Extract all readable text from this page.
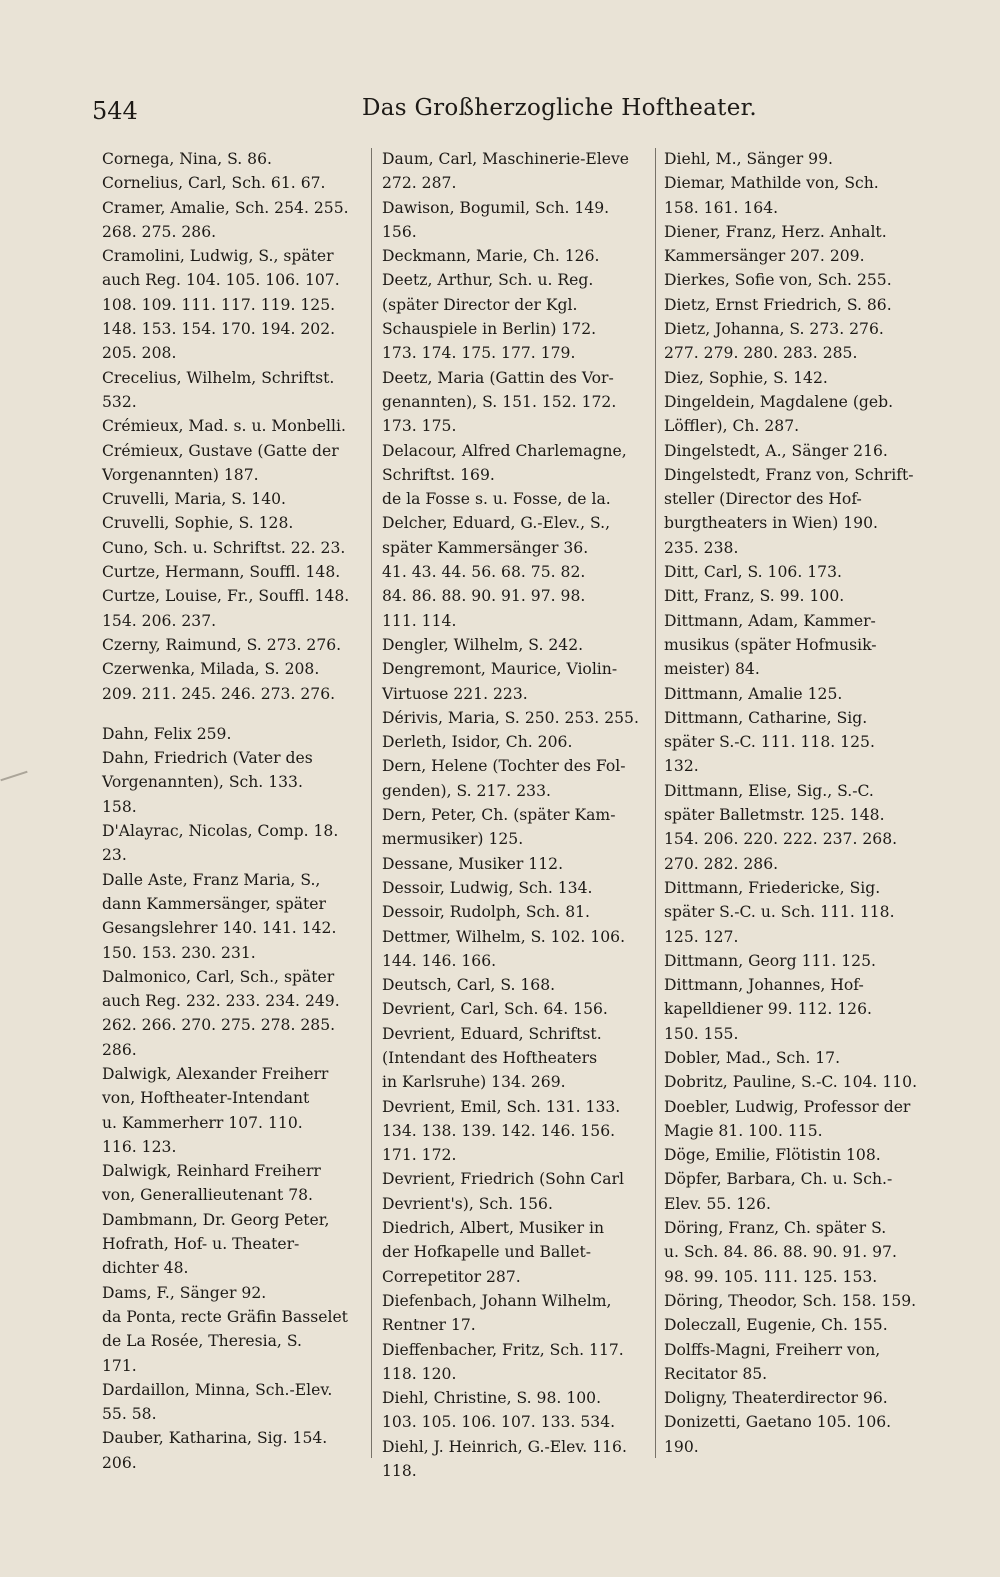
544	Das Großherzogliche Hoftheater.
Cornega, Nina, S. 86.
Cornelius, Carl, Sch. 61. 67.
Cramer, Amalie, Sch. 254. 255.
268. 275. 286.
Cramolini, Ludwig, S., später
auch Reg. 104. 105. 106. 107.
108. 109. 111. 117. 119. 125.
148. 153. 154. 170. 194. 202.
205. 208.
Crecelius, Wilhelm, Schriftst.
532.
Crémieux, Mad. s. u. Monbelli.
Crémieux, Gustave (Gatte der
Vorgenannten) 187.
Cruvelli, Maria, S. 140.
Cruvelli, Sophie, S. 128.
Cuno, Sch. u. Schriftst. 22. 23.
Curtze, Hermann, Souffl. 148.
Curtze, Louise, Fr., Souffl. 148.
154. 206. 237.
Czerny, Raimund, S. 273. 276.
Czerwenka, Milada, S. 208.
209. 211. 245. 246. 273. 276.
Dahn, Felix 259.
Dahn, Friedrich (Vater des
Vorgenannten), Sch. 133.
158.
D'Alayrac, Nicolas, Comp. 18.
23.
Dalle Aste, Franz Maria, S.,
dann Kammersänger, später
Gesangslehrer 140. 141. 142.
150. 153. 230. 231.
Dalmonico, Carl, Sch., später
auch Reg. 232. 233. 234. 249.
262. 266. 270. 275. 278. 285.
286.
Dalwigk, Alexander Freiherr
von, Hoftheater-Intendant
u. Kammerherr 107. 110.
116. 123.
Dalwigk, Reinhard Freiherr
von, Generallieutenant 78.
Dambmann, Dr. Georg Peter,
Hofrath, Hof- u. Theater-
dichter 48.
Dams, F., Sänger 92.
da Ponta, recte Gräfin Basselet
de La Rosée, Theresia, S.
171.
Dardaillon, Minna, Sch.-Elev.
55. 58.
Dauber, Katharina, Sig. 154.
206.
Daum, Carl, Maschinerie-Eleve
272. 287.
Dawison, Bogumil, Sch. 149.
156.
Deckmann, Marie, Ch. 126.
Deetz, Arthur, Sch. u. Reg.
(später Director der Kgl.
Schauspiele in Berlin) 172.
173. 174. 175. 177. 179.
Deetz, Maria (Gattin des Vor-
genannten), S. 151. 152. 172.
173. 175.
Delacour, Alfred Charlemagne,
Schriftst. 169.
de la Fosse s. u. Fosse, de la.
Delcher, Eduard, G.-Elev., S.,
später Kammersänger 36.
41. 43. 44. 56. 68. 75. 82.
84. 86. 88. 90. 91. 97. 98.
111. 114.
Dengler, Wilhelm, S. 242.
Dengremont, Maurice, Violin-
Virtuose 221. 223.
Dérivis, Maria, S. 250. 253. 255.
Derleth, Isidor, Ch. 206.
Dern, Helene (Tochter des Fol-
genden), S. 217. 233.
Dern, Peter, Ch. (später Kam-
mermusiker) 125.
Dessane, Musiker 112.
Dessoir, Ludwig, Sch. 134.
Dessoir, Rudolph, Sch. 81.
Dettmer, Wilhelm, S. 102. 106.
144. 146. 166.
Deutsch, Carl, S. 168.
Devrient, Carl, Sch. 64. 156.
Devrient, Eduard, Schriftst.
(Intendant des Hoftheaters
in Karlsruhe) 134. 269.
Devrient, Emil, Sch. 131. 133.
134. 138. 139. 142. 146. 156.
171. 172.
Devrient, Friedrich (Sohn Carl
Devrient's), Sch. 156.
Diedrich, Albert, Musiker in
der Hofkapelle und Ballet-
Correpetitor 287.
Diefenbach, Johann Wilhelm,
Rentner 17.
Dieffenbacher, Fritz, Sch. 117.
118. 120.
Diehl, Christine, S. 98. 100.
103. 105. 106. 107. 133. 534.
Diehl, J. Heinrich, G.-Elev. 116.
118.
Diehl, M., Sänger 99.
Diemar, Mathilde von, Sch.
158. 161. 164.
Diener, Franz, Herz. Anhalt.
Kammersänger 207. 209.
Dierkes, Sofie von, Sch. 255.
Dietz, Ernst Friedrich, S. 86.
Dietz, Johanna, S. 273. 276.
277. 279. 280. 283. 285.
Diez, Sophie, S. 142.
Dingeldein, Magdalene (geb.
Löffler), Ch. 287.
Dingelstedt, A., Sänger 216.
Dingelstedt, Franz von, Schrift-
steller (Director des Hof-
burgtheaters in Wien) 190.
235. 238.
Ditt, Carl, S. 106. 173.
Ditt, Franz, S. 99. 100.
Dittmann, Adam, Kammer-
musikus (später Hofmusik-
meister) 84.
Dittmann, Amalie 125.
Dittmann, Catharine, Sig.
später S.-C. 111. 118. 125.
132.
Dittmann, Elise, Sig., S.-C.
später Balletmstr. 125. 148.
154. 206. 220. 222. 237. 268.
270. 282. 286.
Dittmann, Friedericke, Sig.
später S.-C. u. Sch. 111. 118.
125. 127.
Dittmann, Georg 111. 125.
Dittmann, Johannes, Hof-
kapelldiener 99. 112. 126.
150. 155.
Dobler, Mad., Sch. 17.
Dobritz, Pauline, S.-C. 104. 110.
Doebler, Ludwig, Professor der
Magie 81. 100. 115.
Döge, Emilie, Flötistin 108.
Döpfer, Barbara, Ch. u. Sch.-
Elev. 55. 126.
Döring, Franz, Ch. später S.
u. Sch. 84. 86. 88. 90. 91. 97.
98. 99. 105. 111. 125. 153.
Döring, Theodor, Sch. 158. 159.
Doleczall, Eugenie, Ch. 155.
Dolffs-Magni, Freiherr von,
Recitator 85.
Doligny, Theaterdirector 96.
Donizetti, Gaetano 105. 106.
190.
